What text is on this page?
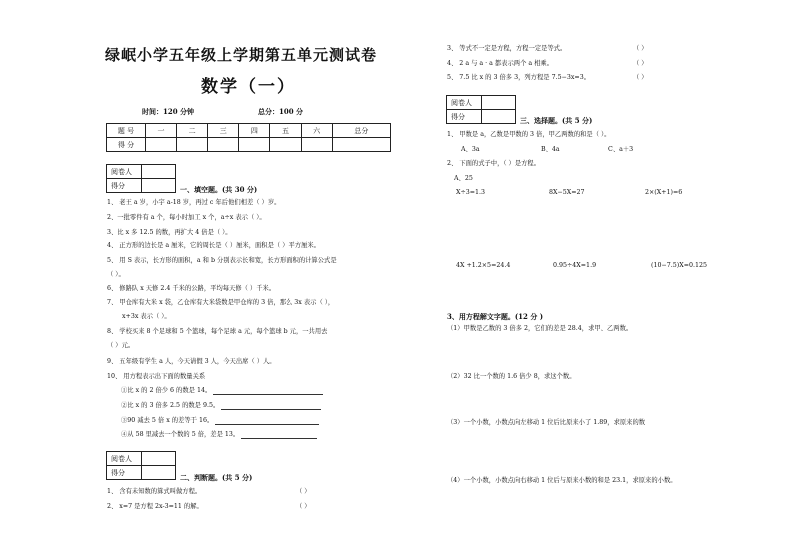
绿岷小学五年级上学期第五单元测试卷
数学（一）
时间：120 分钟	总分：100 分
题 号	一	二	三	四	五	六	总分
得 分							
阅卷人	
得分		一、填空题。(共 30 分)
1、 老王 a 岁，小宇 a-18 岁，再过 c 年后他们相差（ ）岁。
2、一批零件有 a 个，每小时加工 x 个，a÷x 表示（ ）。
3、比 x 多 12.5 的数，再扩大 4 倍是（ ）。
4、 正方形的边长是 a 厘米，它的周长是（ ）厘米，面积是（ ）平方厘米。
5、 用 S 表示，长方形的面积，a 和 b 分别表示长和宽，长方形面积的计算公式是
（ ）。
6、 修路队 x 天修 2.4 千米的公路，平均每天修（ ）千米。
7、 甲仓库有大米 x 袋，乙仓库有大米袋数是甲仓库的 3 倍，那么 3x 表示（ ），
x+3x 表示（ ）。
8、 学校买来 8 个足球和 5 个篮球，每个足球 a 元，每个篮球 b 元，一共用去
（ ）元。
9、 五年级有学生 a 人，今天请假 3 人，今天出席（ ）人。
10、 用方程表示出下面的数量关系
①比 x 的 2 倍少 6 的数是 14。
②比 x 的 3 倍多 2.5 的数是 9.5。
③90 减去 5 倍 x 的差等于 16。
④从 58 里减去一个数的 5 倍，差是 13。
阅卷人	
得分	
二、判断题。(共 5 分)
1、 含有未知数的算式叫做方程。	（ ）
2、 x=7 是方程 2x-3=11 的解。	（ ）
3、 等式不一定是方程，方程一定是等式。	（ ）
4、 2 a 与 a · a 都表示两个 a 相乘。	（ ）
5、 7.5 比 x 的 3 倍多 3，列方程是 7.5−3x=3。	（ ）
阅卷人	
得分		三、选择题。(共 5 分)
1、 甲数是 a，乙数是甲数的 3 倍，甲乙两数的和是（ ）。
A、3a	B、4a	C、a＋3
2、 下面的式子中，（ ）是方程。
A、25
X÷3=1.3	8X−5X=27	2×(X+1)=6
4X +1.2×5=24.4	0.95÷4X=1.9	(10−7.5)X=0.125
3、用方程解文字题。(12 分 )
（1）甲数是乙数的 3 倍多 2，它们的差是 28.4，求甲、乙两数。
（2）32 比一个数的 1.6 倍少 8，求这个数。
（3）一个小数，小数点向左移动 1 位后比原来小了 1.89，求原来的数
（4）一个小数，小数点向右移动 1 位后与原来小数的和是 23.1，求原来的小数。
